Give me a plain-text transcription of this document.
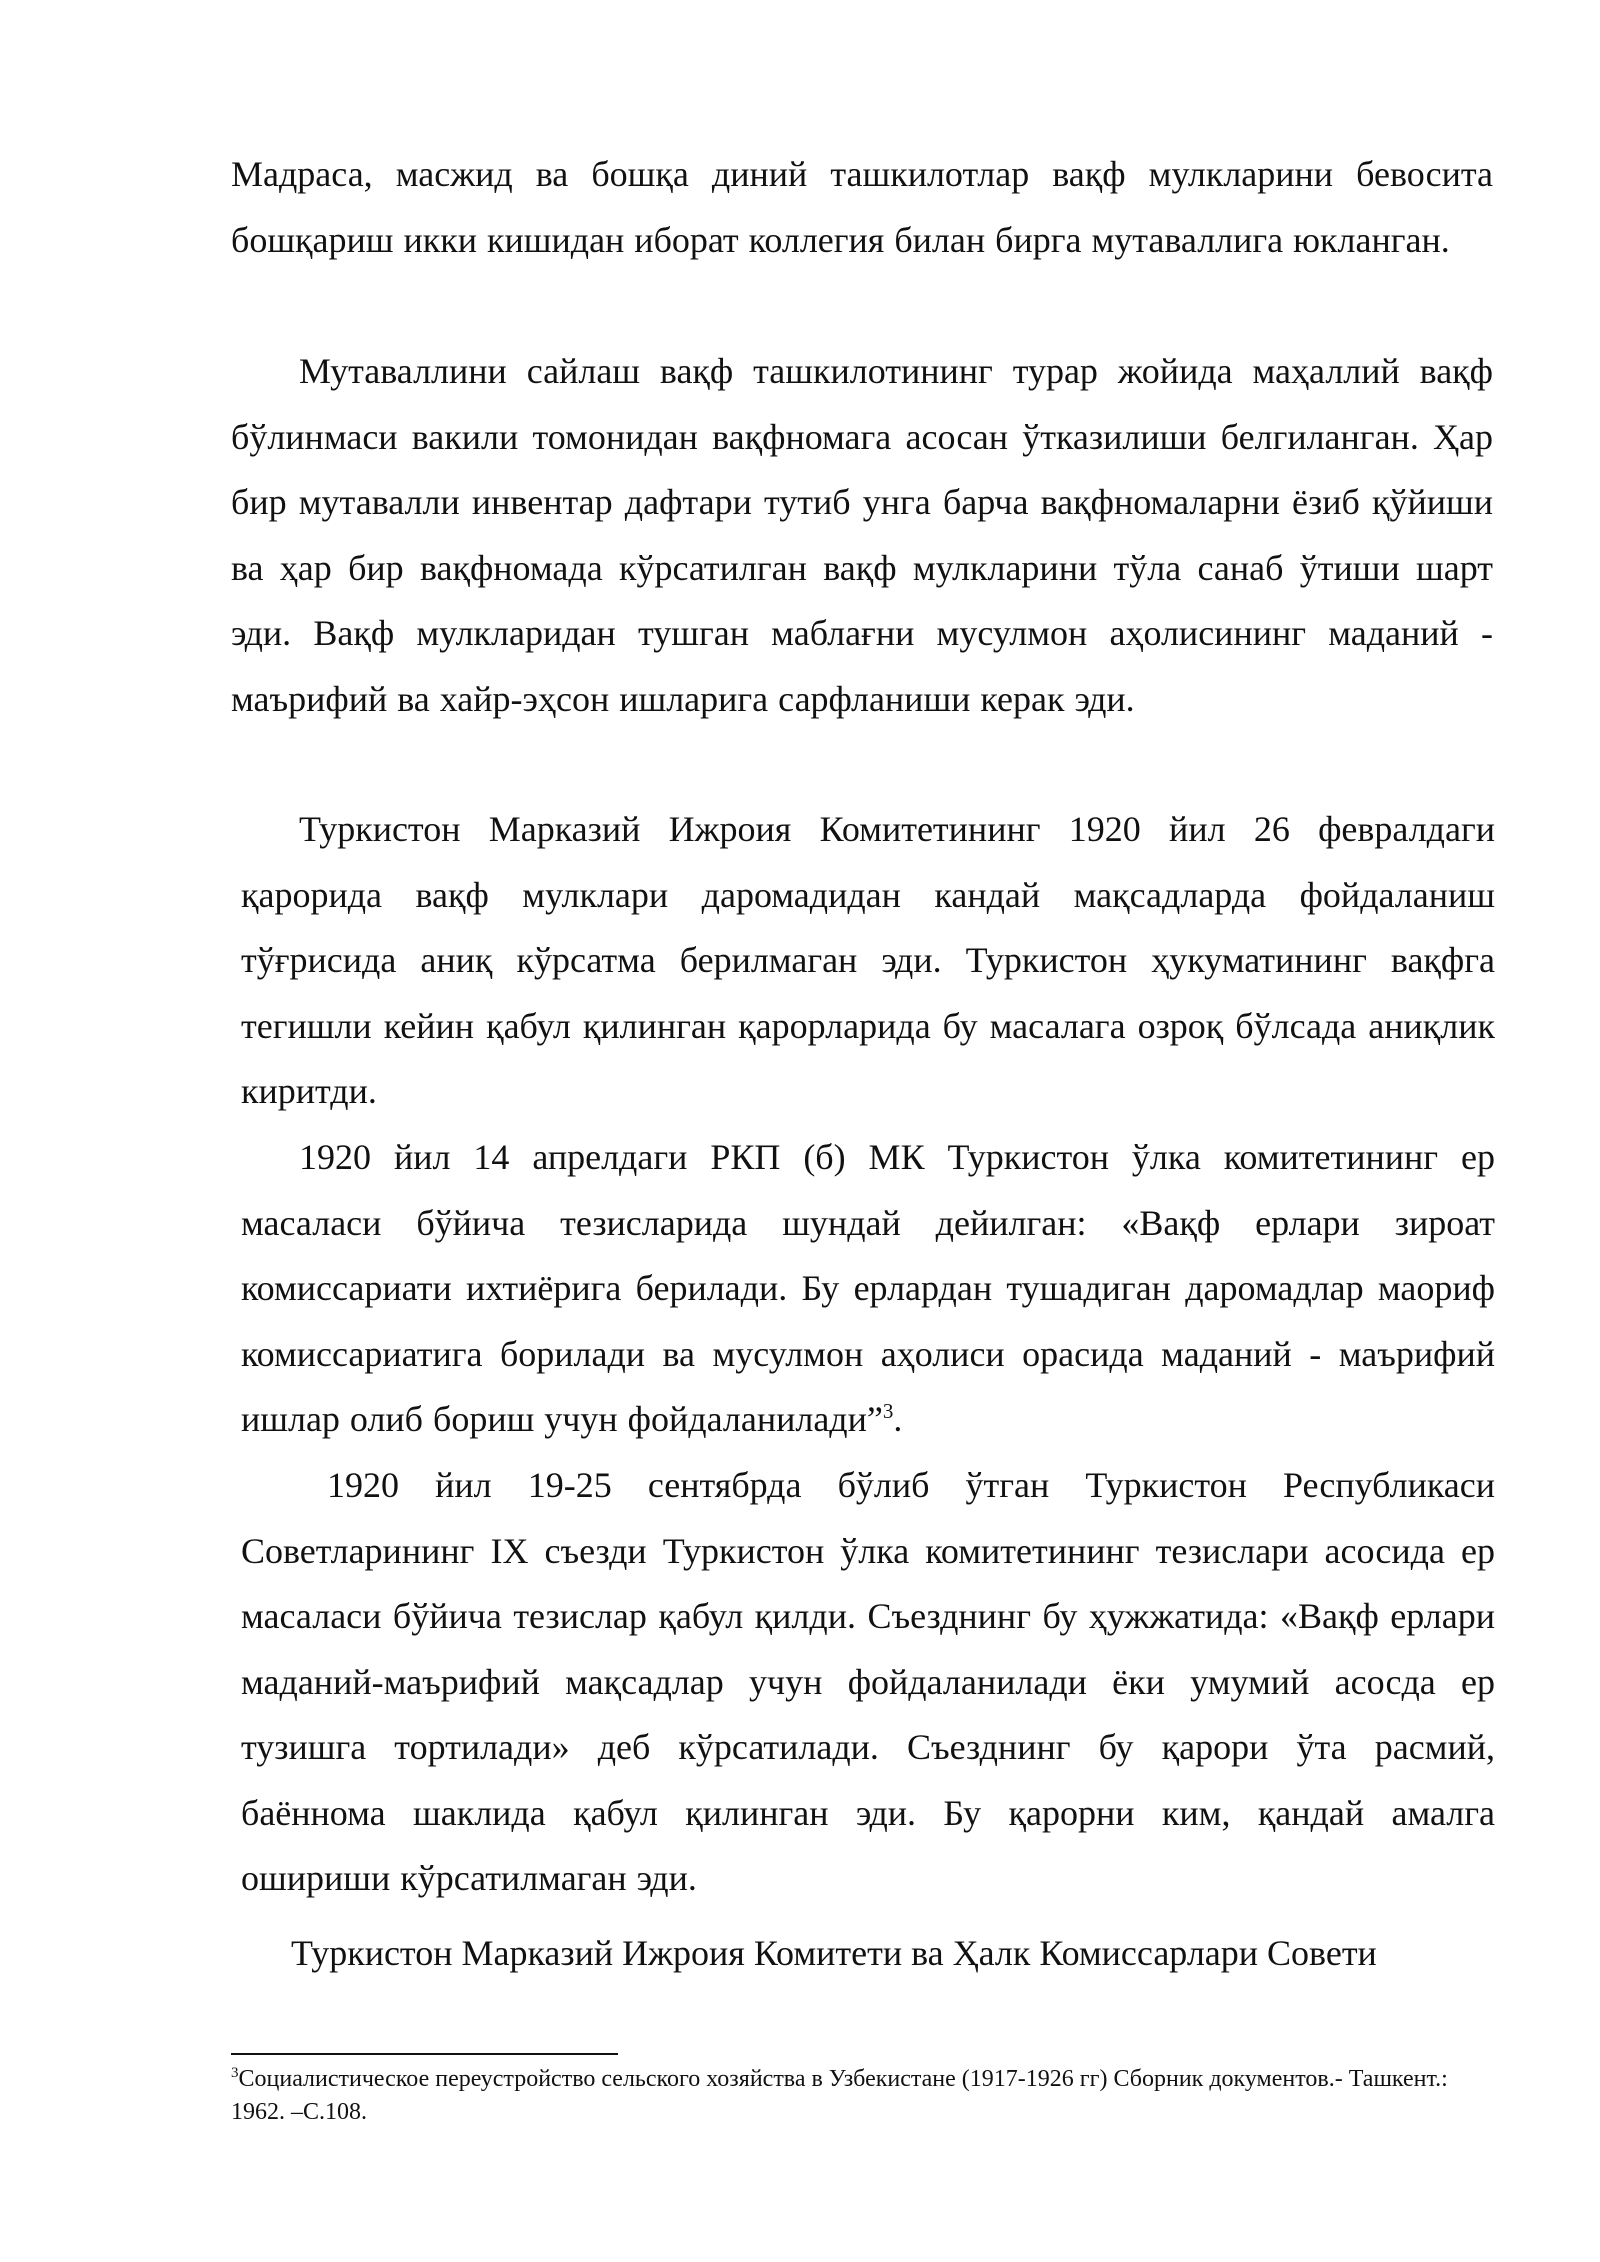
Мадраса, масжид ва бошқа диний ташкилотлар вақф мулкларини бевосита бошқариш икки кишидан иборат коллегия билан бирга мутаваллига юкланган.

Мутаваллини сайлаш вақф ташкилотининг турар жойида маҳаллий вақф бўлинмаси вакили томонидан вақфномага асосан ўтказилиши белгиланган. Ҳар бир мутавалли инвентар дафтари тутиб унга барча вақфномаларни ёзиб қўйиши ва ҳар бир вақфномада кўрсатилган вақф мулкларини тўла санаб ўтиши шарт эди. Вақф мулкларидан тушган маблағни мусулмон аҳолисининг маданий - маърифий ва хайр-эҳсон ишларига сарфланиши керак эди.

Туркистон Марказий Ижроия Комитетининг 1920 йил 26 февралдаги қарорида вақф мулклари даромадидан кандай мақсадларда фойдаланиш тўғрисида аниқ кўрсатма берилмаган эди. Туркистон ҳукуматининг вақфга тегишли кейин қабул қилинган қарорларида бу масалага озроқ бўлсада аниқлик киритди.

1920 йил 14 апрелдаги РКП (б) МК Туркистон ўлка комитетининг ер масаласи бўйича тезисларида шундай дейилган: «Вақф ерлари зироат комиссариати ихтиёрига берилади. Бу ерлардан тушадиган даромадлар маориф комиссариатига борилади ва мусулмон аҳолиси орасида маданий - маърифий ишлар олиб бориш учун фойдаланилади”$^3$.

1920 йил 19-25 сентябрда бўлиб ўтган Туркистон Республикаси Советларининг IX съезди Туркистон ўлка комитетининг тезислари асосида ер масаласи бўйича тезислар қабул қилди. Съезднинг бу ҳужжатида: «Вақф ерлари маданий-маърифий мақсадлар учун фойдаланилади ёки умумий асосда ер тузишга тортилади» деб кўрсатилади. Съезднинг бу қарори ўта расмий, баённома шаклида қабул қилинган эди. Бу қарорни ким, қандай амалга ошириши кўрсатилмаган эди.

Туркистон Марказий Ижроия Комитети ва Ҳалк Комиссарлари Совети

$^3$Социалистическое переустройство сельского хозяйства в Узбекистане (1917-1926 гг) Сборник документов.- Ташкент.: 1962. –С.108.
